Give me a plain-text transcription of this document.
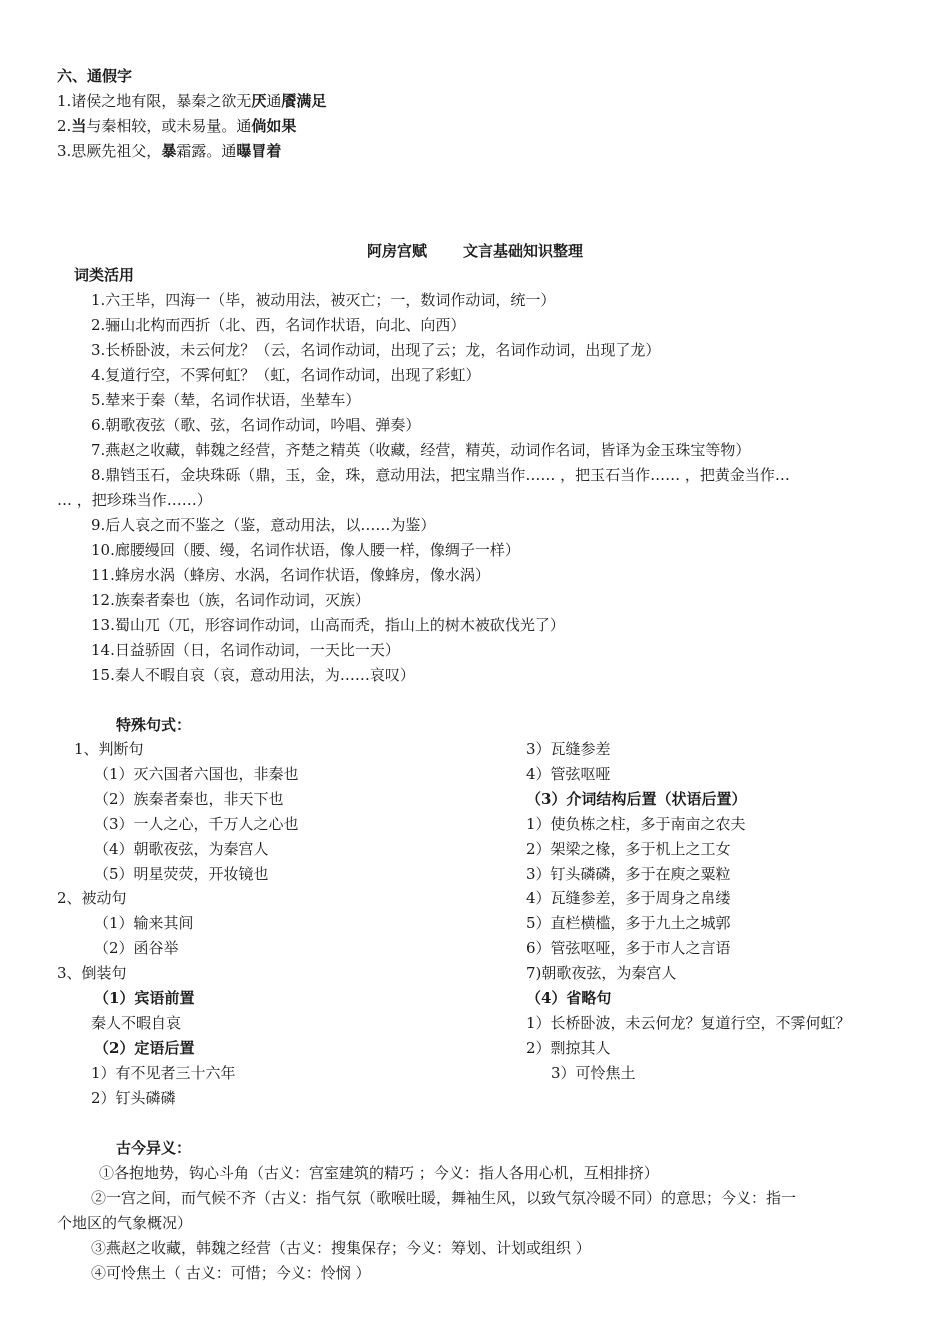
六、通假字
1.诸侯之地有限，暴秦之欲无厌通餍满足
2.当与秦相较，或未易量。通倘如果
3.思厥先祖父，暴霜露。通曝冒着
阿房宫赋 文言基础知识整理
词类活用
1.六王毕，四海一（毕，被动用法，被灭亡；一，数词作动词，统一）
2.骊山北构而西折（北、西，名词作状语，向北、向西）
3.长桥卧波，未云何龙？（云，名词作动词，出现了云；龙，名词作动词，出现了龙）
4.复道行空，不霁何虹？（虹，名词作动词，出现了彩虹）
5.辇来于秦（辇，名词作状语，坐辇车）
6.朝歌夜弦（歌、弦，名词作动词，吟唱、弹奏）
7.燕赵之收藏，韩魏之经营，齐楚之精英（收藏，经营，精英，动词作名词，皆译为金玉珠宝等物）
8.鼎铛玉石，金块珠砾（鼎，玉，金，珠，意动用法，把宝鼎当作…… ，把玉石当作…… ，把黄金当作…
… ，把珍珠当作……）
9.后人哀之而不鉴之（鉴，意动用法，以……为鉴）
10.廊腰缦回（腰、缦，名词作状语，像人腰一样，像绸子一样）
11.蜂房水涡（蜂房、水涡，名词作状语，像蜂房，像水涡）
12.族秦者秦也（族，名词作动词，灭族）
13.蜀山兀（兀，形容词作动词，山高而秃，指山上的树木被砍伐光了）
14.日益骄固（日，名词作动词，一天比一天）
15.秦人不暇自哀（哀，意动用法，为……哀叹）
特殊句式：
1、判断句
（1）灭六国者六国也，非秦也
（2）族秦者秦也，非天下也
（3）一人之心，千万人之心也
（4）朝歌夜弦，为秦宫人
（5）明星荧荧，开妆镜也
2、被动句
（1）输来其间
（2）函谷举
3、倒装句
（1）宾语前置
秦人不暇自哀
（2）定语后置
1）有不见者三十六年
2）钉头磷磷
3）瓦缝参差
4）管弦呕哑
（3）介词结构后置（状语后置）
1）使负栋之柱，多于南亩之农夫
2）架梁之椽，多于机上之工女
3）钉头磷磷，多于在庾之粟粒
4）瓦缝参差，多于周身之帛缕
5）直栏横槛，多于九土之城郭
6）管弦呕哑，多于市人之言语
7)朝歌夜弦，为秦宫人
（4）省略句
1）长桥卧波，未云何龙？复道行空，不霁何虹？
2）剽掠其人
3）可怜焦土
古今异义：
①各抱地势，钩心斗角（古义：宫室建筑的精巧 ；今义：指人各用心机，互相排挤）
②一宫之间，而气候不齐（古义：指气氛（歌喉吐暖，舞袖生风，以致气氛冷暖不同）的意思；今义：指一
个地区的气象概况）
③燕赵之收藏，韩魏之经营（古义：搜集保存；今义：筹划、计划或组织 ）
④可怜焦土（ 古义：可惜；今义：怜悯 ）
